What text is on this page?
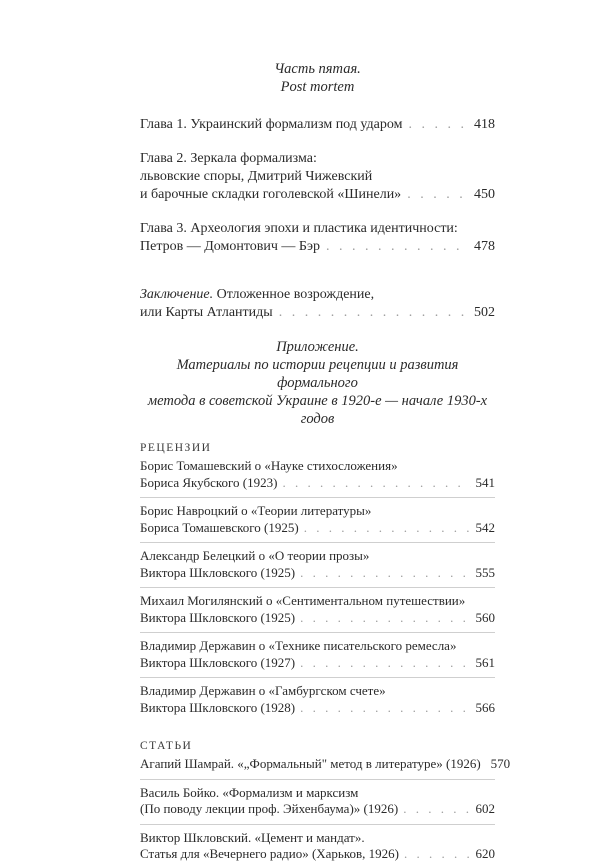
Часть пятая.
Post mortem
Глава 1. Украинский формализм под ударом . . .	418
Глава 2. Зеркала формализма:
львовские споры, Дмитрий Чижевский
и барочные складки гоголевской «Шинели» . . .	450
Глава 3. Археология эпохи и пластика идентичности:
Петров — Домонтович — Бэр . . .	478
Заключение. Отложенное возрождение,
или Карты Атлантиды . . .	502
Приложение.
Материалы по истории рецепции и развития формального
метода в советской Украине в 1920-е — начале 1930-х годов
РЕЦЕНЗИИ
Борис Томашевский о «Науке стихосложения»
Бориса Якубского (1923) . . .	541
Борис Навроцкий о «Теории литературы»
Бориса Томашевского (1925) . . .	542
Александр Белецкий о «О теории прозы»
Виктора Шкловского (1925) . . .	555
Михаил Могилянский о «Сентиментальном путешествии»
Виктора Шкловского (1925) . . .	560
Владимир Державин о «Технике писательского ремесла»
Виктора Шкловского (1927) . . .	561
Владимир Державин о «Гамбургском счете»
Виктора Шкловского (1928) . . .	566
СТАТЬИ
Агапий Шамрай. «„Формальный" метод в литературе» (1926) 570
Василь Бойко. «Формализм и марксизм
(По поводу лекции проф. Эйхенбаума)» (1926) . . .	602
Виктор Шкловский. «Цемент и мандат».
Статья для «Вечернего радио» (Харьков, 1926) . . .	620
